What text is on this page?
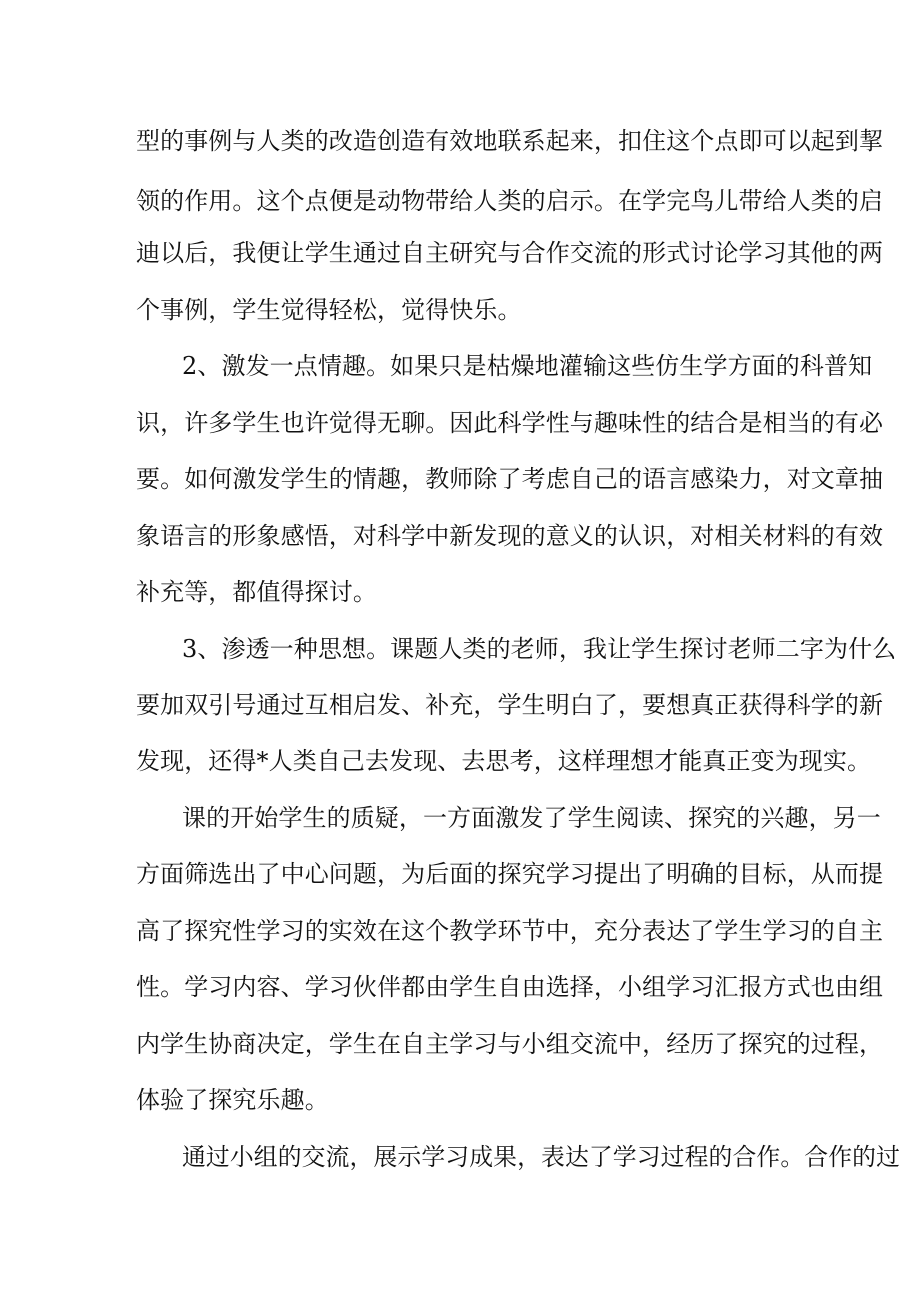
型的事例与人类的改造创造有效地联系起来，扣住这个点即可以起到挈
领的作用。这个点便是动物带给人类的启示。在学完鸟儿带给人类的启
迪以后，我便让学生通过自主研究与合作交流的形式讨论学习其他的两
个事例，学生觉得轻松，觉得快乐。
2、激发一点情趣。如果只是枯燥地灌输这些仿生学方面的科普知
识，许多学生也许觉得无聊。因此科学性与趣味性的结合是相当的有必
要。如何激发学生的情趣，教师除了考虑自己的语言感染力，对文章抽
象语言的形象感悟，对科学中新发现的意义的认识，对相关材料的有效
补充等，都值得探讨。
3、渗透一种思想。课题人类的老师，我让学生探讨老师二字为什么
要加双引号通过互相启发、补充，学生明白了，要想真正获得科学的新
发现，还得*人类自己去发现、去思考，这样理想才能真正变为现实。
课的开始学生的质疑，一方面激发了学生阅读、探究的兴趣，另一
方面筛选出了中心问题，为后面的探究学习提出了明确的目标，从而提
高了探究性学习的实效在这个教学环节中，充分表达了学生学习的自主
性。学习内容、学习伙伴都由学生自由选择，小组学习汇报方式也由组
内学生协商决定，学生在自主学习与小组交流中，经历了探究的过程，
体验了探究乐趣。
通过小组的交流，展示学习成果，表达了学习过程的合作。合作的过
